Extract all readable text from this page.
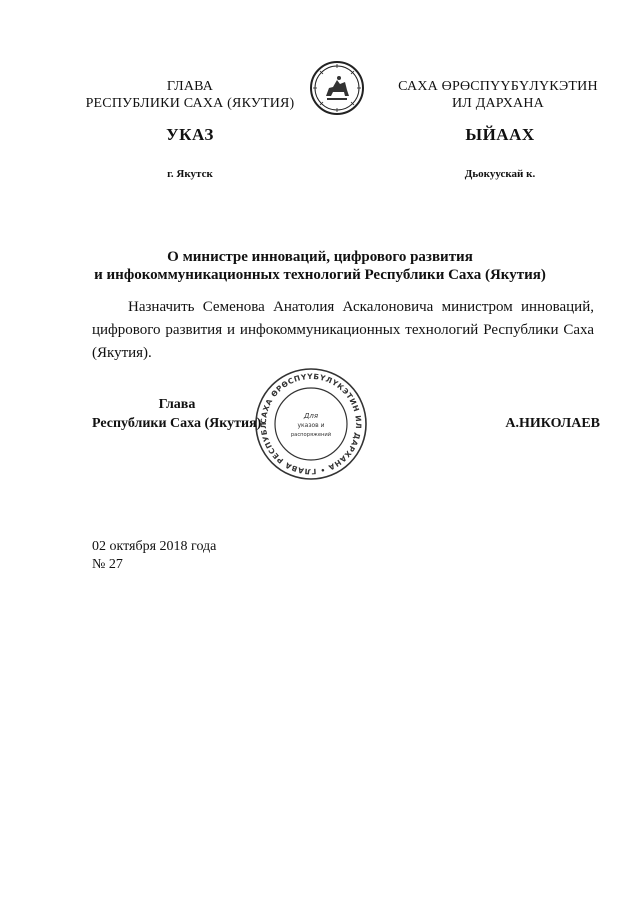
ГЛАВА
РЕСПУБЛИКИ САХА (ЯКУТИЯ)
САХА ӨРӨСПҮҮБҮЛҮКЭТИН
ИЛ ДАРХАНА
УКАЗ	ЫЙААХ
г. Якутск	Дьокуускай к.
О министре инноваций, цифрового развития
и инфокоммуникационных технологий Республики Саха (Якутия)
Назначить Семенова Анатолия Аскалоновича министром инноваций, цифрового развития и инфокоммуникационных технологий Республики Саха (Якутия).
САХА ӨРӨСПҮҮБҮЛҮКЭТИН ИЛ ДАРХАНА • ГЛАВА РЕСПУБЛ
Для
указов и
распоряжений
Глава
Республики Саха (Якутия)	А.НИКОЛАЕВ
02 октября 2018 года
№ 27
